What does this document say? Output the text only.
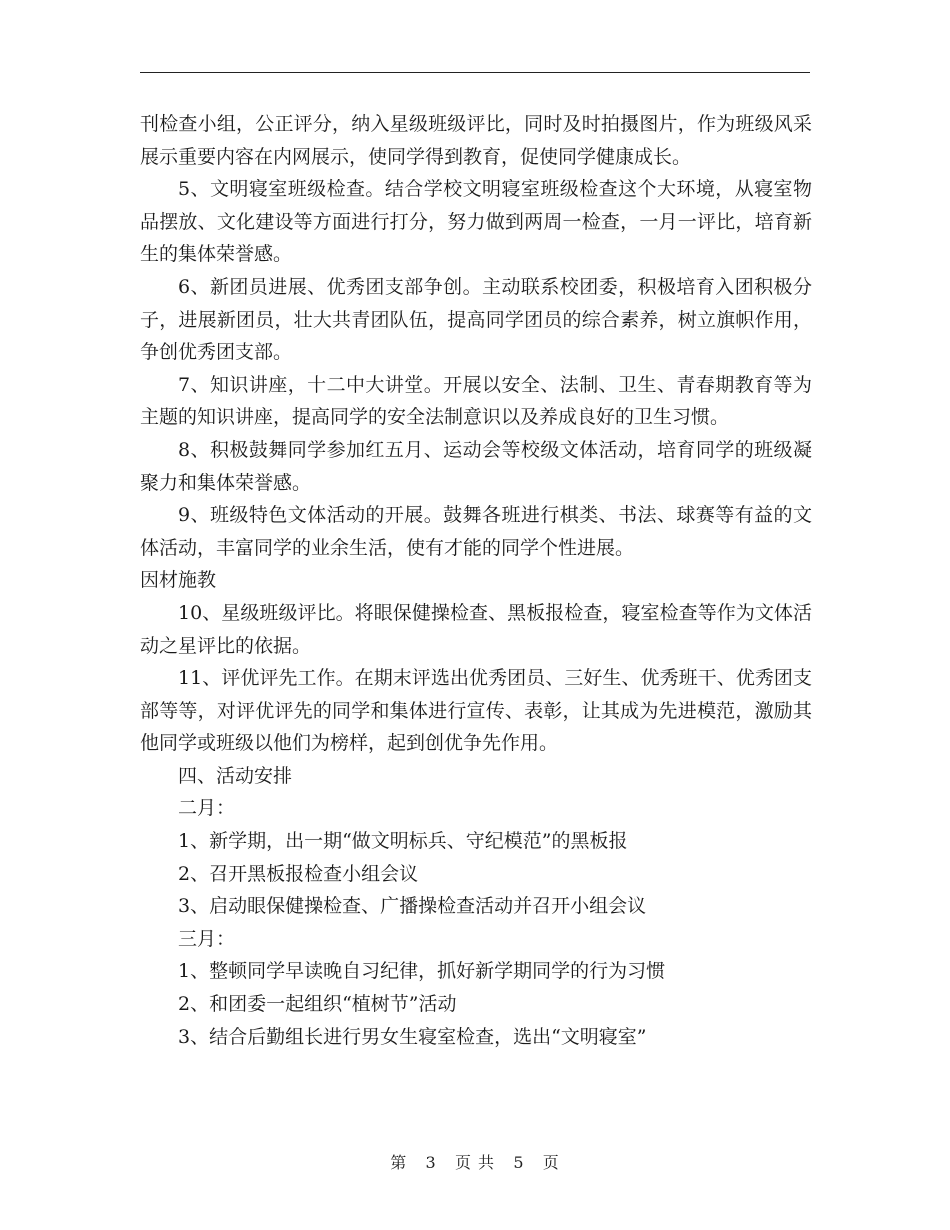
刊检查小组，公正评分，纳入星级班级评比，同时及时拍摄图片，作为班级风采展示重要内容在内网展示，使同学得到教育，促使同学健康成长。

5、文明寝室班级检查。结合学校文明寝室班级检查这个大环境，从寝室物品摆放、文化建设等方面进行打分，努力做到两周一检查，一月一评比，培育新生的集体荣誉感。

6、新团员进展、优秀团支部争创。主动联系校团委，积极培育入团积极分子，进展新团员，壮大共青团队伍，提高同学团员的综合素养，树立旗帜作用，争创优秀团支部。

7、知识讲座，十二中大讲堂。开展以安全、法制、卫生、青春期教育等为主题的知识讲座，提高同学的安全法制意识以及养成良好的卫生习惯。

8、积极鼓舞同学参加红五月、运动会等校级文体活动，培育同学的班级凝聚力和集体荣誉感。

9、班级特色文体活动的开展。鼓舞各班进行棋类、书法、球赛等有益的文体活动，丰富同学的业余生活，使有才能的同学个性进展。

因材施教

10、星级班级评比。将眼保健操检查、黑板报检查，寝室检查等作为文体活动之星评比的依据。

11、评优评先工作。在期末评选出优秀团员、三好生、优秀班干、优秀团支部等等，对评优评先的同学和集体进行宣传、表彰，让其成为先进模范，激励其他同学或班级以他们为榜样，起到创优争先作用。

四、活动安排

二月：

1、新学期，出一期“做文明标兵、守纪模范”的黑板报

2、召开黑板报检查小组会议

3、启动眼保健操检查、广播操检查活动并召开小组会议

三月：

1、整顿同学早读晚自习纪律，抓好新学期同学的行为习惯

2、和团委一起组织“植树节”活动

3、结合后勤组长进行男女生寝室检查，选出“文明寝室”

第 3 页 共 5 页
